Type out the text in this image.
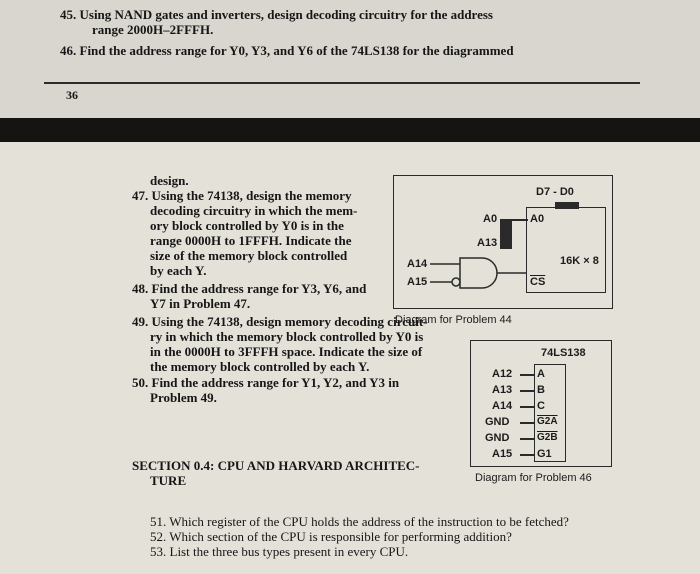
45. Using NAND gates and inverters, design decoding circuitry for the address
range 2000H–2FFFH.
46. Find the address range for Y0, Y3, and Y6 of the 74LS138 for the diagrammed
36
design.
47. Using the 74138, design the memory
decoding circuitry in which the mem-
ory block controlled by Y0 is in the
range 0000H to 1FFFH. Indicate the
size of the memory block controlled
by each Y.
48. Find the address range for Y3, Y6, and
Y7 in Problem 47.
49. Using the 74138, design memory decoding circuit-
ry in which the memory block controlled by Y0 is
in the 0000H to 3FFFH space. Indicate the size of
the memory block controlled by each Y.
50. Find the address range for Y1, Y2, and Y3 in
Problem 49.
SECTION 0.4: CPU AND HARVARD ARCHITEC-
TURE
51. Which register of the CPU holds the address of the instruction to be fetched?
52. Which section of the CPU is responsible for performing addition?
53. List the three bus types present in every CPU.
D7 - D0
A0
A13
A0
16K × 8
$\overline{CS}$
A14
A15
Diagram for Problem 44
74LS138
A12
A13
A14
GND
GND
A15
A
B
C
G2A
G2B
G1
Diagram for Problem 46
